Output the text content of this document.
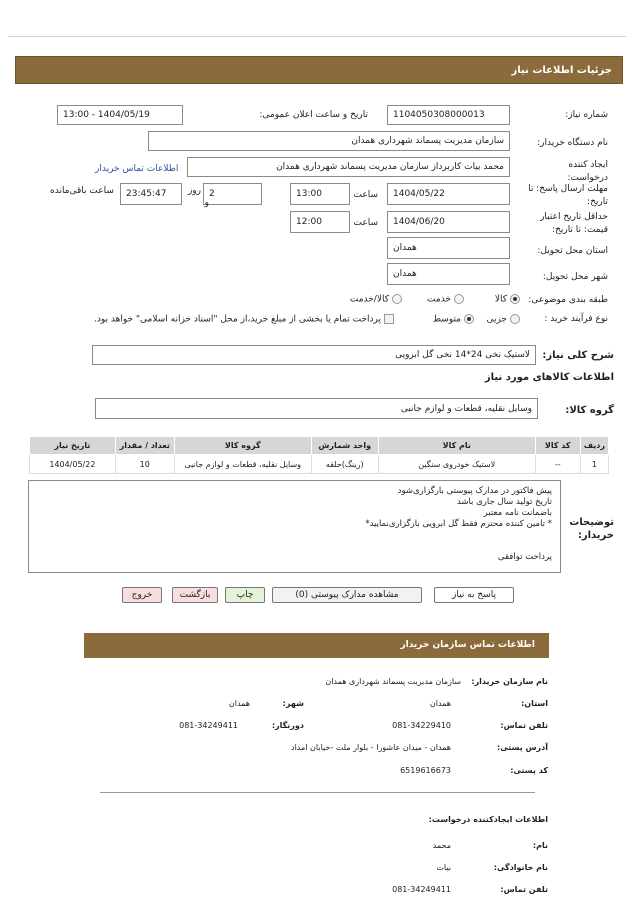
جزئیات اطلاعات نیاز
شماره نیاز:
1104050308000013
تاریخ و ساعت اعلان عمومی:
1404/05/19 - 13:00
نام دستگاه خریدار:
سازمان مدیریت پسماند شهرداری همدان
ایجاد کننده درخواست:
محمد بیات کاربرداز سازمان مدیریت پسماند شهرداری همدان
اطلاعات تماس خریدار
مهلت ارسال پاسخ: تا تاریخ:
1404/05/22
ساعت
13:00
2
روز
و
23:45:47
ساعت باقی‌مانده
حداقل تاریخ اعتبار قیمت: تا تاریخ:
1404/06/20
ساعت
12:00
استان محل تحویل:
همدان
شهر محل تحویل:
همدان
طبقه بندی موضوعی:
کالا
خدمت
کالا/خدمت
نوع فرآیند خرید :
جزیی
متوسط
پرداخت تمام یا بخشی از مبلغ خرید،از محل "اسناد خزانه اسلامی" خواهد بود.
شرح کلی نیاز:
لاستیک نخی 24*14 نخی گل ابرویی
اطلاعات کالاهای مورد نیاز
گروه کالا:
وسایل نقلیه، قطعات و لوازم جانبی
ردیف	کد کالا	نام کالا	واحد شمارش	گروه کالا	تعداد / مقدار	تاریخ نیاز
1	--	لاستیک خودروی سنگین	(رینگ)حلقه	وسایل نقلیه، قطعات و لوازم جانبی	10	1404/05/22
توضیحات خریدار:
پیش فاکتور در مدارک پیوستی بارگزاری‌شود
تاریخ تولید سال جاری باشد
باضمانت نامه معتبر
* تامین کننده محترم فقط گل ابرویی بارگزاری‌نمایید*
پرداخت توافقی
پاسخ به نیاز
مشاهده مدارک پیوستی (0)
چاپ
بازگشت
خروج
اطلاعات تماس سازمان خریدار
نام سازمان خریدار:
سازمان مدیریت پسماند شهرداری همدان
استان:
همدان
شهر:
همدان
تلفن تماس:
081-34229410
دورنگار:
081-34249411
آدرس پستی:
همدان - میدان عاشورا - بلوار ملت -خیابان امداد
کد پستی:
6519616673
اطلاعات ایجادکننده درخواست:
نام:
محمد
نام خانوادگی:
بیات
تلفن تماس:
081-34249411
